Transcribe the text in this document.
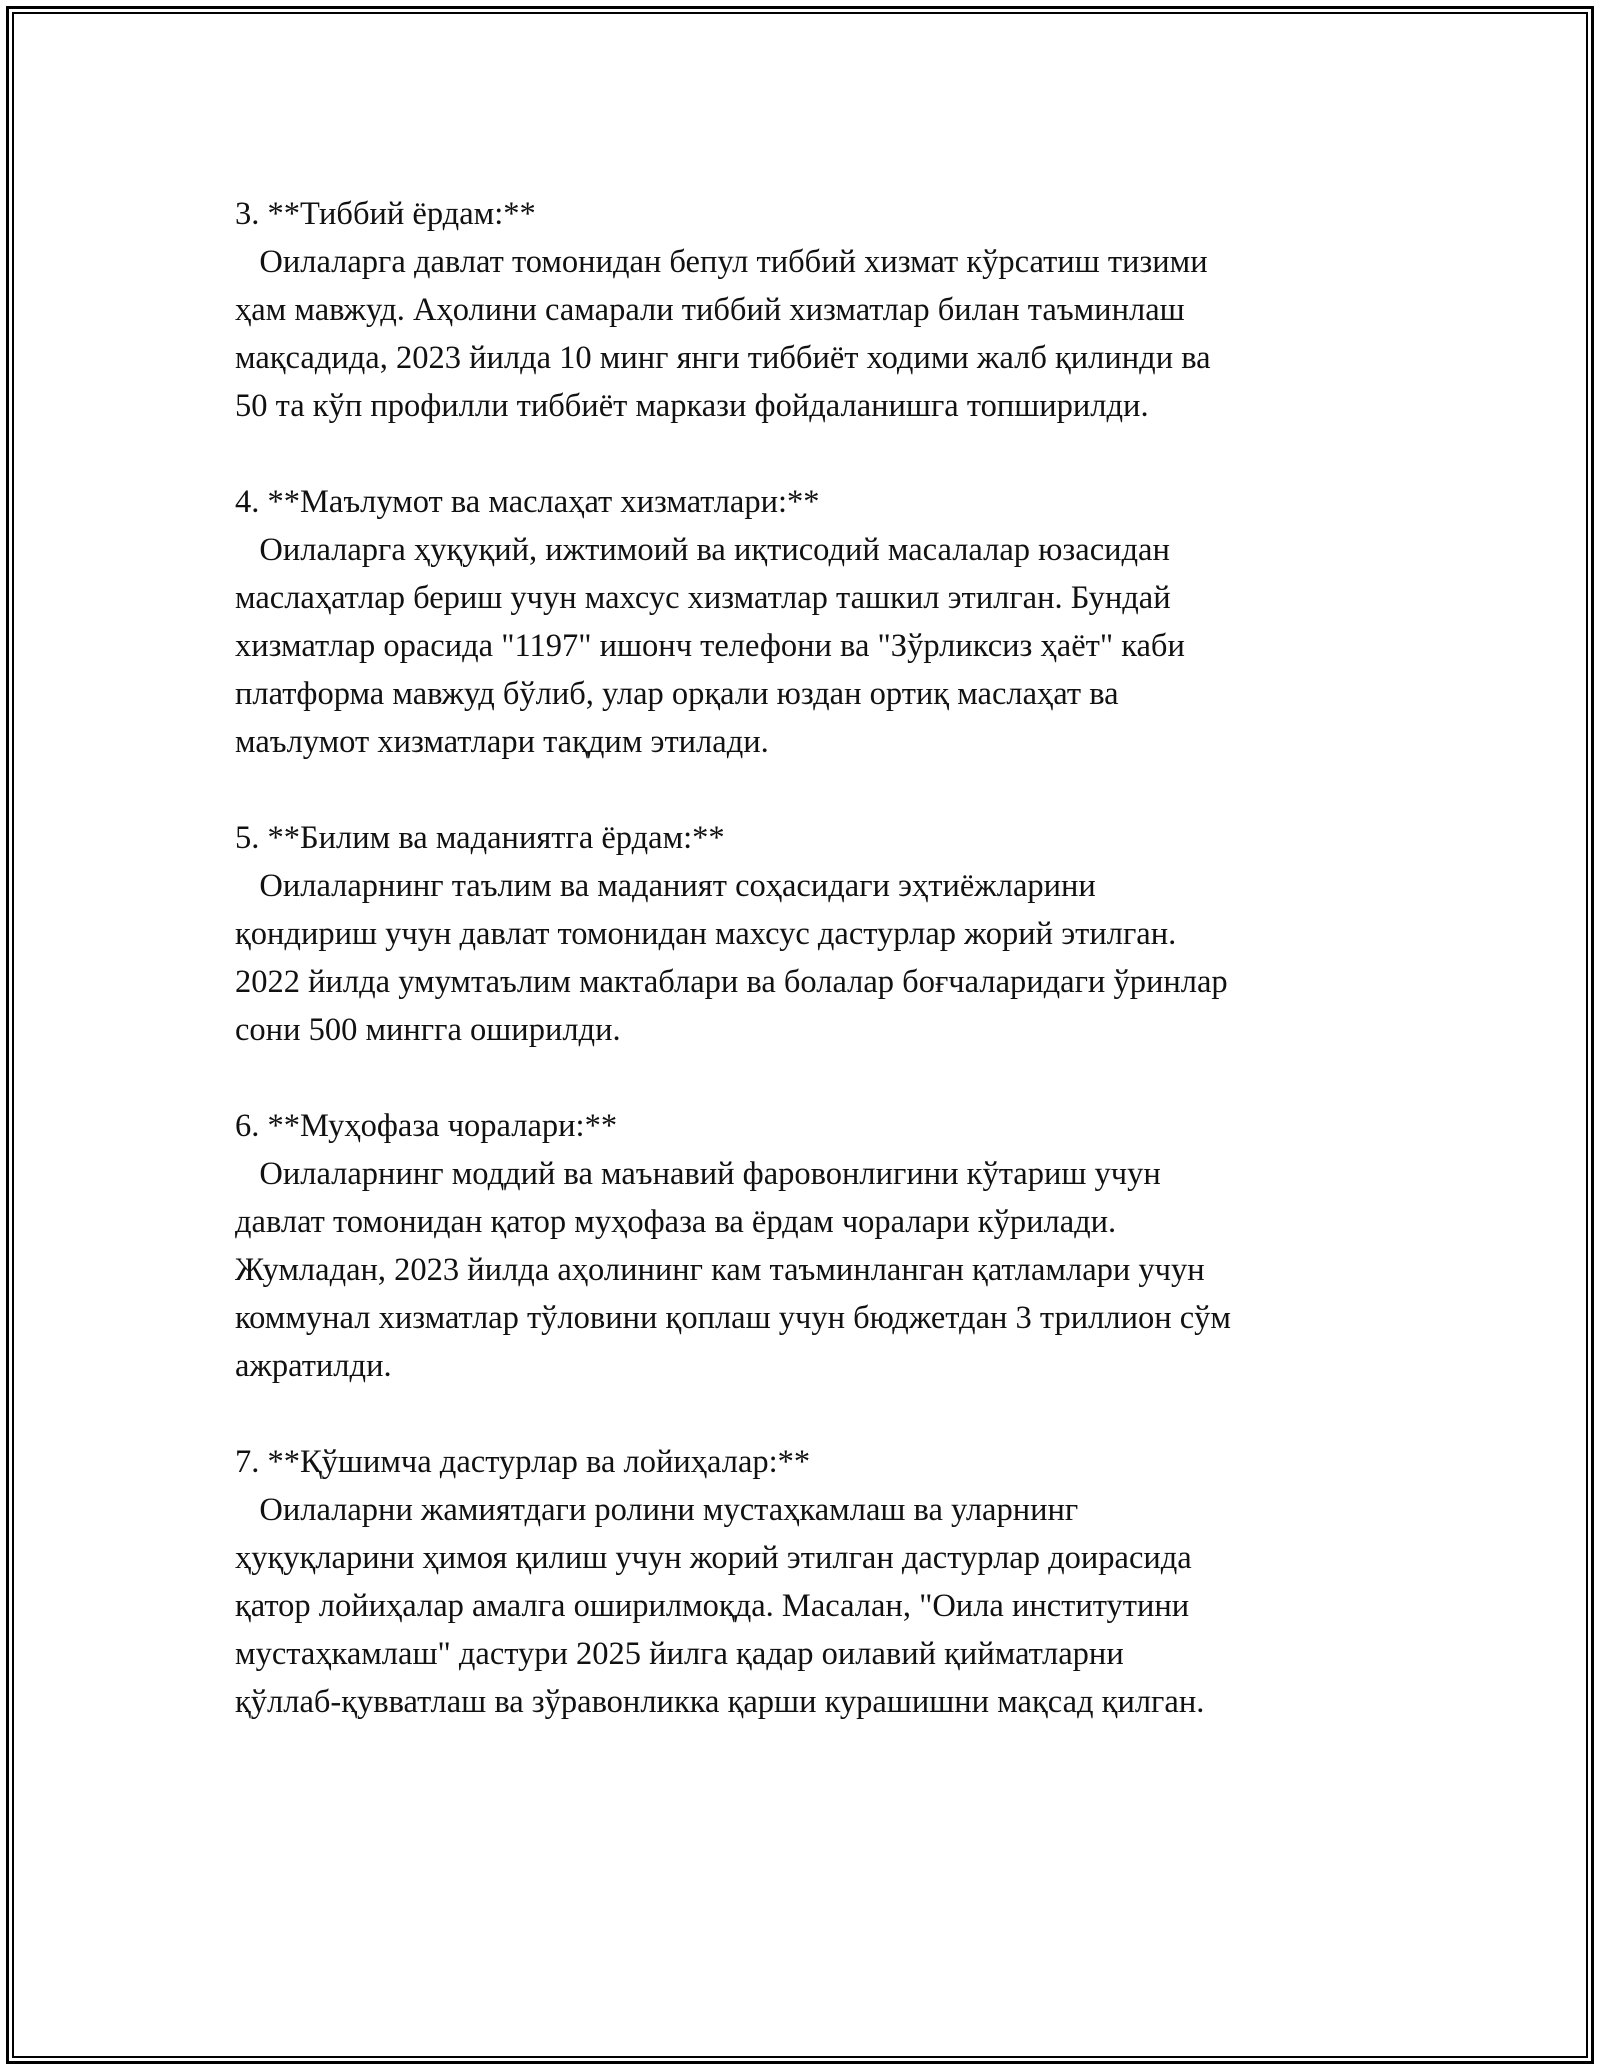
3. **Тиббий ёрдам:**

Оилаларга давлат томонидан бепул тиббий хизмат кўрсатиш тизими

ҳам мавжуд. Аҳолини самарали тиббий хизматлар билан таъминлаш

мақсадида, 2023 йилда 10 минг янги тиббиёт ходими жалб қилинди ва

50 та кўп профилли тиббиёт маркази фойдаланишга топширилди.

4. **Маълумот ва маслаҳат хизматлари:**

Оилаларга ҳуқуқий, ижтимоий ва иқтисодий масалалар юзасидан

маслаҳатлар бериш учун махсус хизматлар ташкил этилган. Бундай

хизматлар орасида "1197" ишонч телефони ва "Зўрликсиз ҳаёт" каби

платформа мавжуд бўлиб, улар орқали юздан ортиқ маслаҳат ва

маълумот хизматлари тақдим этилади.

5. **Билим ва маданиятга ёрдам:**

Оилаларнинг таълим ва маданият соҳасидаги эҳтиёжларини

қондириш учун давлат томонидан махсус дастурлар жорий этилган.

2022 йилда умумтаълим мактаблари ва болалар боғчаларидаги ўринлар

сони 500 мингга оширилди.

6. **Муҳофаза чоралари:**

Оилаларнинг моддий ва маънавий фаровонлигини кўтариш учун

давлат томонидан қатор муҳофаза ва ёрдам чоралари кўрилади.

Жумладан, 2023 йилда аҳолининг кам таъминланган қатламлари учун

коммунал хизматлар тўловини қоплаш учун бюджетдан 3 триллион сўм

ажратилди.

7. **Қўшимча дастурлар ва лойиҳалар:**

Оилаларни жамиятдаги ролини мустаҳкамлаш ва уларнинг

ҳуқуқларини ҳимоя қилиш учун жорий этилган дастурлар доирасида

қатор лойиҳалар амалга оширилмоқда. Масалан, "Оила институтини

мустаҳкамлаш" дастури 2025 йилга қадар оилавий қийматларни

қўллаб-қувватлаш ва зўравонликка қарши курашишни мақсад қилган.
